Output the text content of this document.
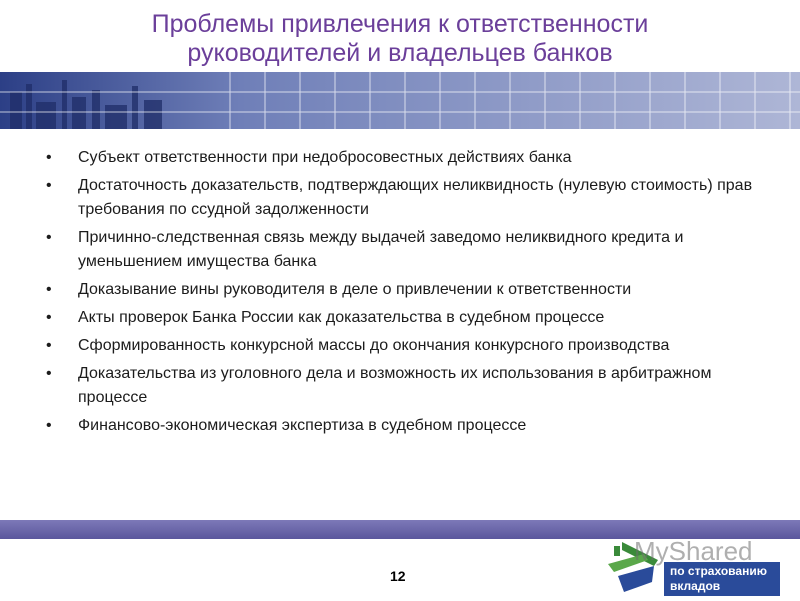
Проблемы привлечения к ответственности
руководителей и владельцев банков
• Субъект ответственности при недобросовестных действиях банка
• Достаточность доказательств, подтверждающих неликвидность (нулевую стоимость) прав требования по ссудной задолженности
• Причинно-следственная связь между выдачей заведомо неликвидного кредита и уменьшением имущества банка
• Доказывание вины руководителя в деле о привлечении к ответственности
• Акты проверок Банка России как доказательства в судебном процессе
• Сформированность конкурсной массы до окончания конкурсного производства
• Доказательства из уголовного дела и возможность их использования в арбитражном процессе
• Финансово-экономическая экспертиза в судебном процессе
12
MyShared
по страхованию
вкладов
